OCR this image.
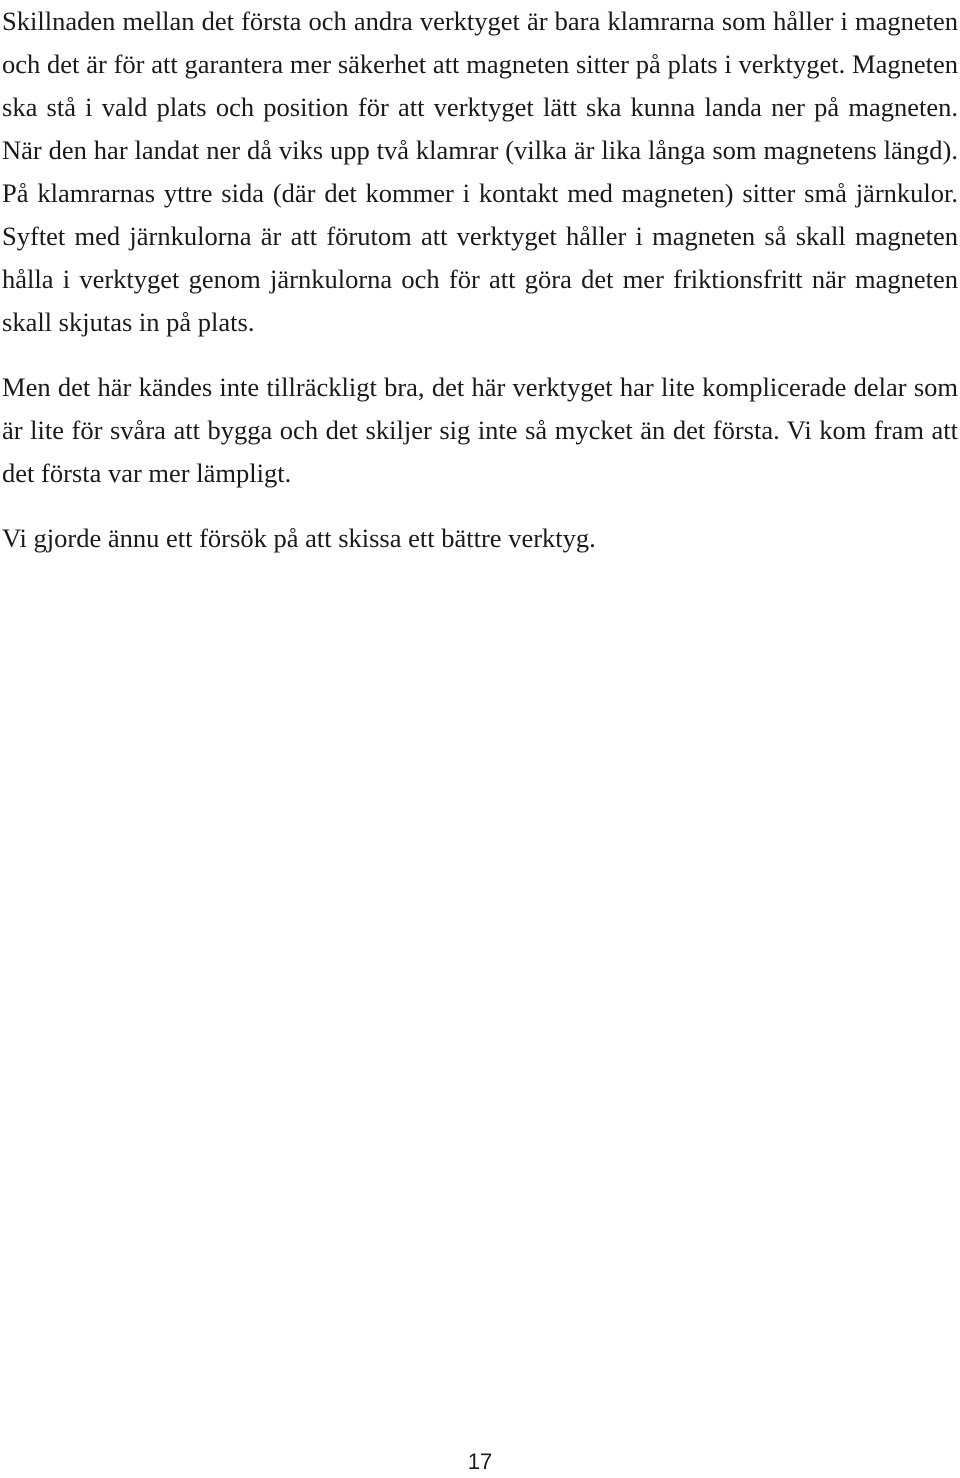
Skillnaden mellan det första och andra verktyget är bara klamrarna som håller i magneten och det är för att garantera mer säkerhet att magneten sitter på plats i verktyget. Magneten ska stå i vald plats och position för att verktyget lätt ska kunna landa ner på magneten. När den har landat ner då viks upp två klamrar (vilka är lika långa som magnetens längd). På klamrarnas yttre sida (där det kommer i kontakt med magneten) sitter små järnkulor. Syftet med järnkulorna är att förutom att verktyget håller i magneten så skall magneten hålla i verktyget genom järnkulorna och för att göra det mer friktionsfritt när magneten skall skjutas in på plats.

Men det här kändes inte tillräckligt bra, det här verktyget har lite komplicerade delar som är lite för svåra att bygga och det skiljer sig inte så mycket än det första. Vi kom fram att det första var mer lämpligt.

Vi gjorde ännu ett försök på att skissa ett bättre verktyg.

17
